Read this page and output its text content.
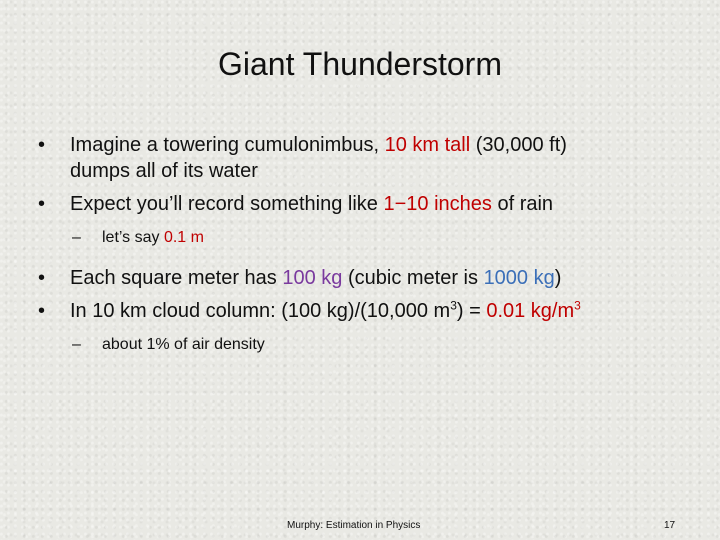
Giant Thunderstorm
• Imagine a towering cumulonimbus, 10 km tall (30,000 ft)
dumps all of its water
• Expect you’ll record something like 1−10 inches of rain
– let’s say 0.1 m
• Each square meter has 100 kg (cubic meter is 1000 kg)
• In 10 km cloud column: (100 kg)/(10,000 $m^3) = 0.01$ $kg/m^3$
– about 1% of air density
Murphy: Estimation in Physics	17
